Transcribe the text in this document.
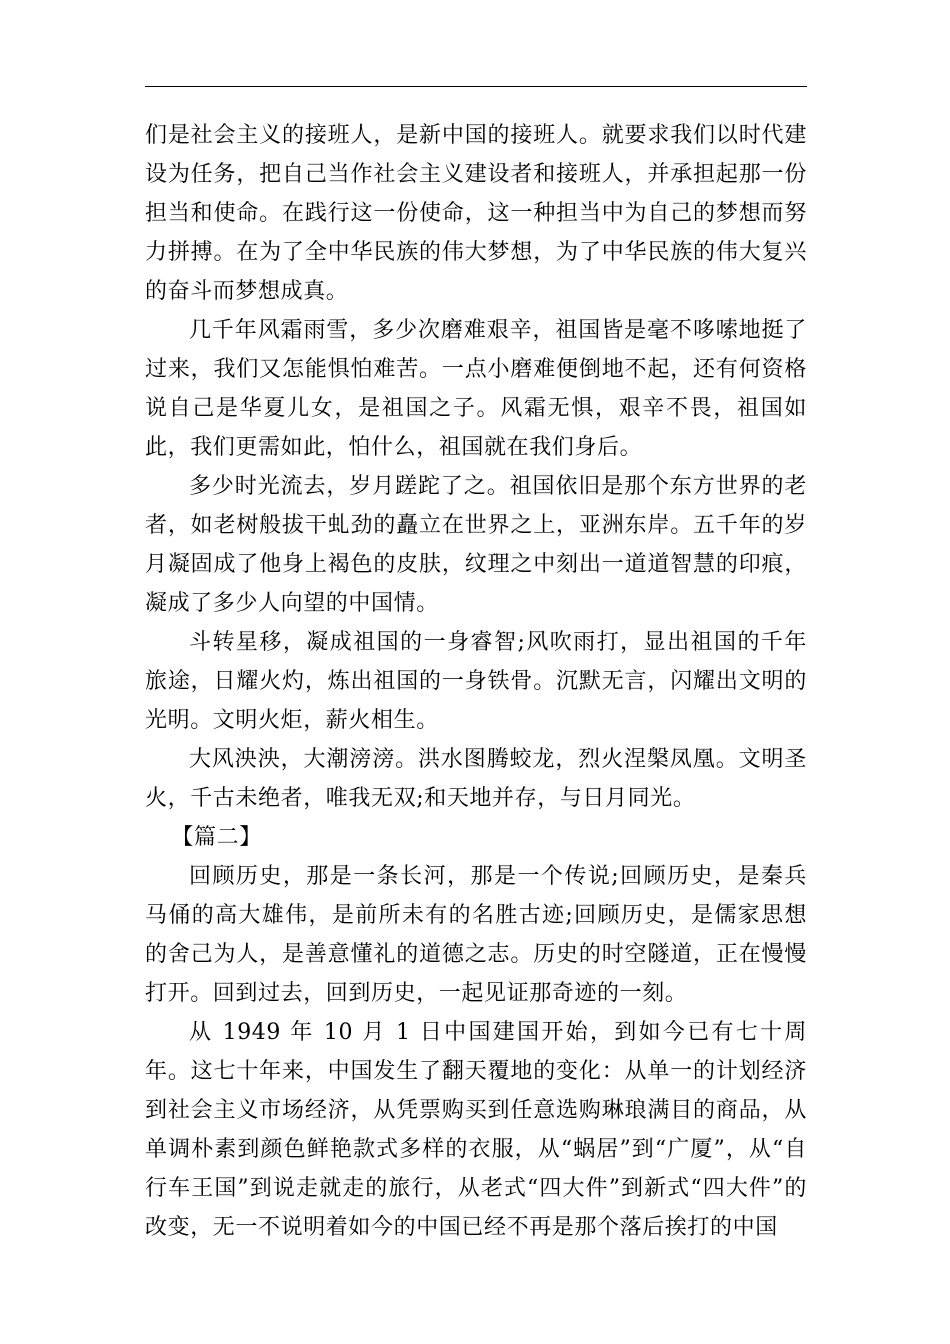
们是社会主义的接班人，是新中国的接班人。就要求我们以时代建设为任务，把自己当作社会主义建设者和接班人，并承担起那一份担当和使命。在践行这一份使命，这一种担当中为自己的梦想而努力拼搏。在为了全中华民族的伟大梦想，为了中华民族的伟大复兴的奋斗而梦想成真。

几千年风霜雨雪，多少次磨难艰辛，祖国皆是毫不哆嗦地挺了过来，我们又怎能惧怕难苦。一点小磨难便倒地不起，还有何资格说自己是华夏儿女，是祖国之子。风霜无惧，艰辛不畏，祖国如此，我们更需如此，怕什么，祖国就在我们身后。

多少时光流去，岁月蹉跎了之。祖国依旧是那个东方世界的老者，如老树般拔干虬劲的矗立在世界之上，亚洲东岸。五千年的岁月凝固成了他身上褐色的皮肤，纹理之中刻出一道道智慧的印痕，凝成了多少人向望的中国情。

斗转星移，凝成祖国的一身睿智;风吹雨打，显出祖国的千年旅途，日耀火灼，炼出祖国的一身铁骨。沉默无言，闪耀出文明的光明。文明火炬，薪火相生。

大风泱泱，大潮滂滂。洪水图腾蛟龙，烈火涅槃凤凰。文明圣火，千古未绝者，唯我无双;和天地并存，与日月同光。

【篇二】

回顾历史，那是一条长河，那是一个传说;回顾历史，是秦兵马俑的高大雄伟，是前所未有的名胜古迹;回顾历史，是儒家思想的舍己为人，是善意懂礼的道德之志。历史的时空隧道，正在慢慢打开。回到过去，回到历史，一起见证那奇迹的一刻。

从 1949 年 10 月 1 日中国建国开始，到如今已有七十周年。这七十年来，中国发生了翻天覆地的变化：从单一的计划经济到社会主义市场经济，从凭票购买到任意选购琳琅满目的商品，从单调朴素到颜色鲜艳款式多样的衣服，从“蜗居”到“广厦”，从“自行车王国”到说走就走的旅行，从老式“四大件”到新式“四大件”的改变，无一不说明着如今的中国已经不再是那个落后挨打的中国
